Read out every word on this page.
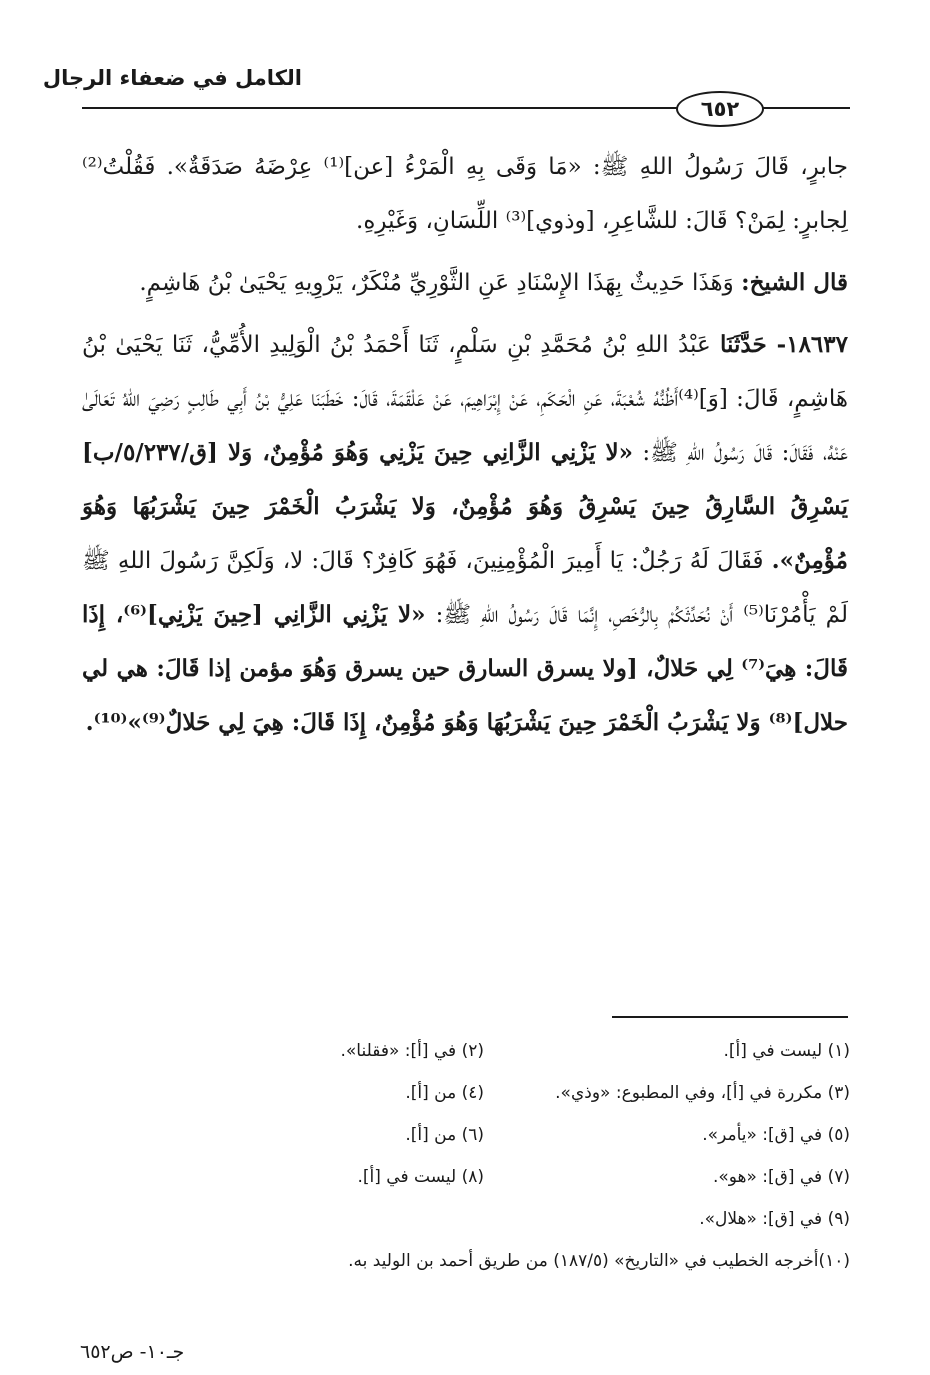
الكامل في ضعفاء الرجال
٦٥٢

جابرٍ، قَالَ رَسُولُ اللهِ ﷺ: «مَا وَقَى بِهِ الْمَرْءُ [عن]⁽¹⁾ عِرْضَهُ صَدَقَةٌ». فَقُلْتُ⁽²⁾ لِجابرٍ: لِمَنْ؟ قَالَ: للشَّاعِرِ، [وذوي]⁽³⁾ اللِّسَانِ، وَغَيْرِهِ.

قال الشيخ: وَهَذَا حَدِيثٌ بِهَذَا الإِسْنَادِ عَنِ الثَّوْرِيِّ مُنْكَرٌ، يَرْوِيهِ يَحْيَىٰ بْنُ هَاشِمٍ.

١٨٦٣٧- حَدَّثَنَا عَبْدُ اللهِ بْنُ مُحَمَّدِ بْنِ سَلْمٍ، ثَنَا أَحْمَدُ بْنُ الْوَلِيدِ الأُمِّيُّ، ثَنَا يَحْيَىٰ بْنُ هَاشِمٍ، قَالَ: [وَ]⁽⁴⁾أَظُنُّهُ شُعْبَةَ، عَنِ الْحَكَمِ، عَنْ إِبْرَاهِيمَ، عَنْ عَلْقَمَةَ، قَالَ: خَطَبَنَا عَلِيُّ بْنُ أَبِي طَالِبٍ رَضِيَ اللهُ تَعَالَىٰ عَنْهُ، فَقَالَ: قَالَ رَسُولُ اللهِ ﷺ: «لا يَزْنِي الزَّانِي حِينَ يَزْنِي وَهُوَ مُؤْمِنٌ، وَلا [ق/٥/٢٣٧/ب] يَسْرِقُ السَّارِقُ حِينَ يَسْرِقُ وَهُوَ مُؤْمِنٌ، وَلا يَشْرَبُ الْخَمْرَ حِينَ يَشْرَبُهَا وَهُوَ مُؤْمِنٌ». فَقَالَ لَهُ رَجُلٌ: يَا أَمِيرَ الْمُؤْمِنِينَ، فَهُوَ كَافِرٌ؟ قَالَ: لا، وَلَكِنَّ رَسُولَ اللهِ ﷺ لَمْ يَأْمُرْنَا⁽⁵⁾ أَنْ نُحَدِّثَكُمْ بِالرُّخَصِ، إِنَّمَا قَالَ رَسُولُ اللهِ ﷺ: «لا يَزْنِي الزَّانِي [حِينَ يَزْنِي]⁽⁶⁾، إِذَا قَالَ: هِيَ⁽⁷⁾ لِي حَلالٌ، [ولا يسرق السارق حين يسرق وَهُوَ مؤمن إذا قَالَ: هي لي حلال]⁽⁸⁾ وَلا يَشْرَبُ الْخَمْرَ حِينَ يَشْرَبُهَا وَهُوَ مُؤْمِنٌ، إِذَا قَالَ: هِيَ لِي حَلالٌ⁽⁹⁾»⁽¹⁰⁾.

(١) ليست في [أ].
(٢) في [أ]: «فقلنا».
(٣) مكررة في [أ]، وفي المطبوع: «وذي».
(٤) من [أ].
(٥) في [ق]: «يأمر».
(٦) من [أ].
(٧) في [ق]: «هو».
(٨) ليست في [أ].
(٩) في [ق]: «هلال».
(١٠)أخرجه الخطيب في «التاريخ» (١٨٧/٥) من طريق أحمد بن الوليد به.
جـ١٠- ص٦٥٢
